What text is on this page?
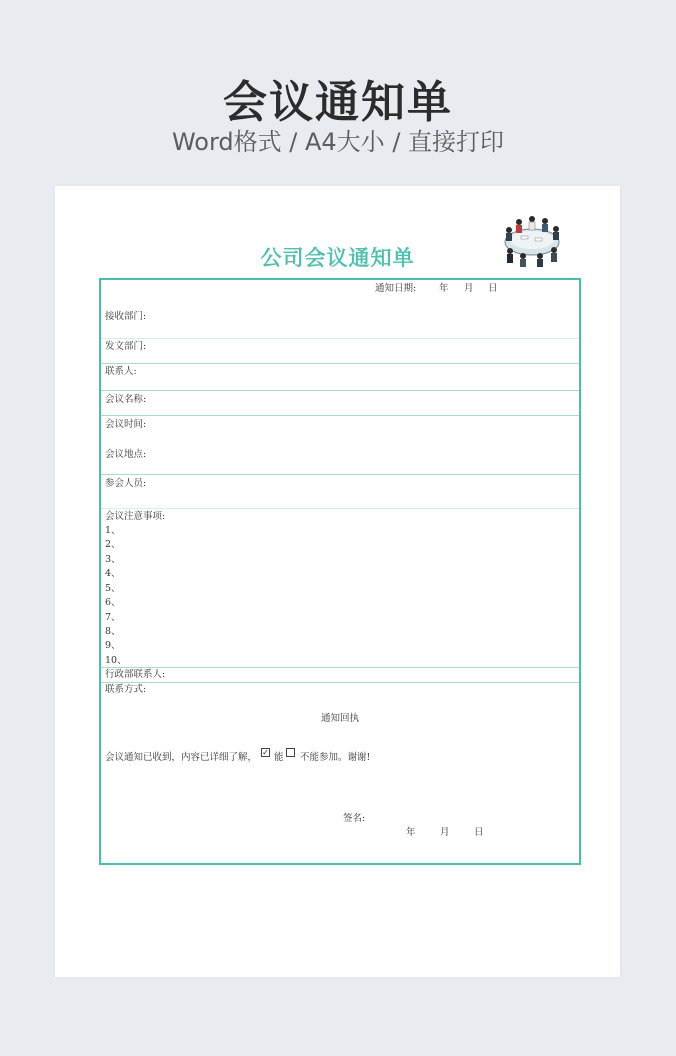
会议通知单
Word格式 / A4大小 / 直接打印
公司会议通知单
通知日期: 年 月 日
接收部门:
发文部门:
联系人:
会议名称:
会议时间:
会议地点:
参会人员:
会议注意事项:
1、
2、
3、
4、
5、
6、
7、
8、
9、
10、
行政部联系人:
联系方式:
通知回执
会议通知已收到，内容已详细了解， ✓ 能 不能参加。谢谢!
签名:
年	月	日
